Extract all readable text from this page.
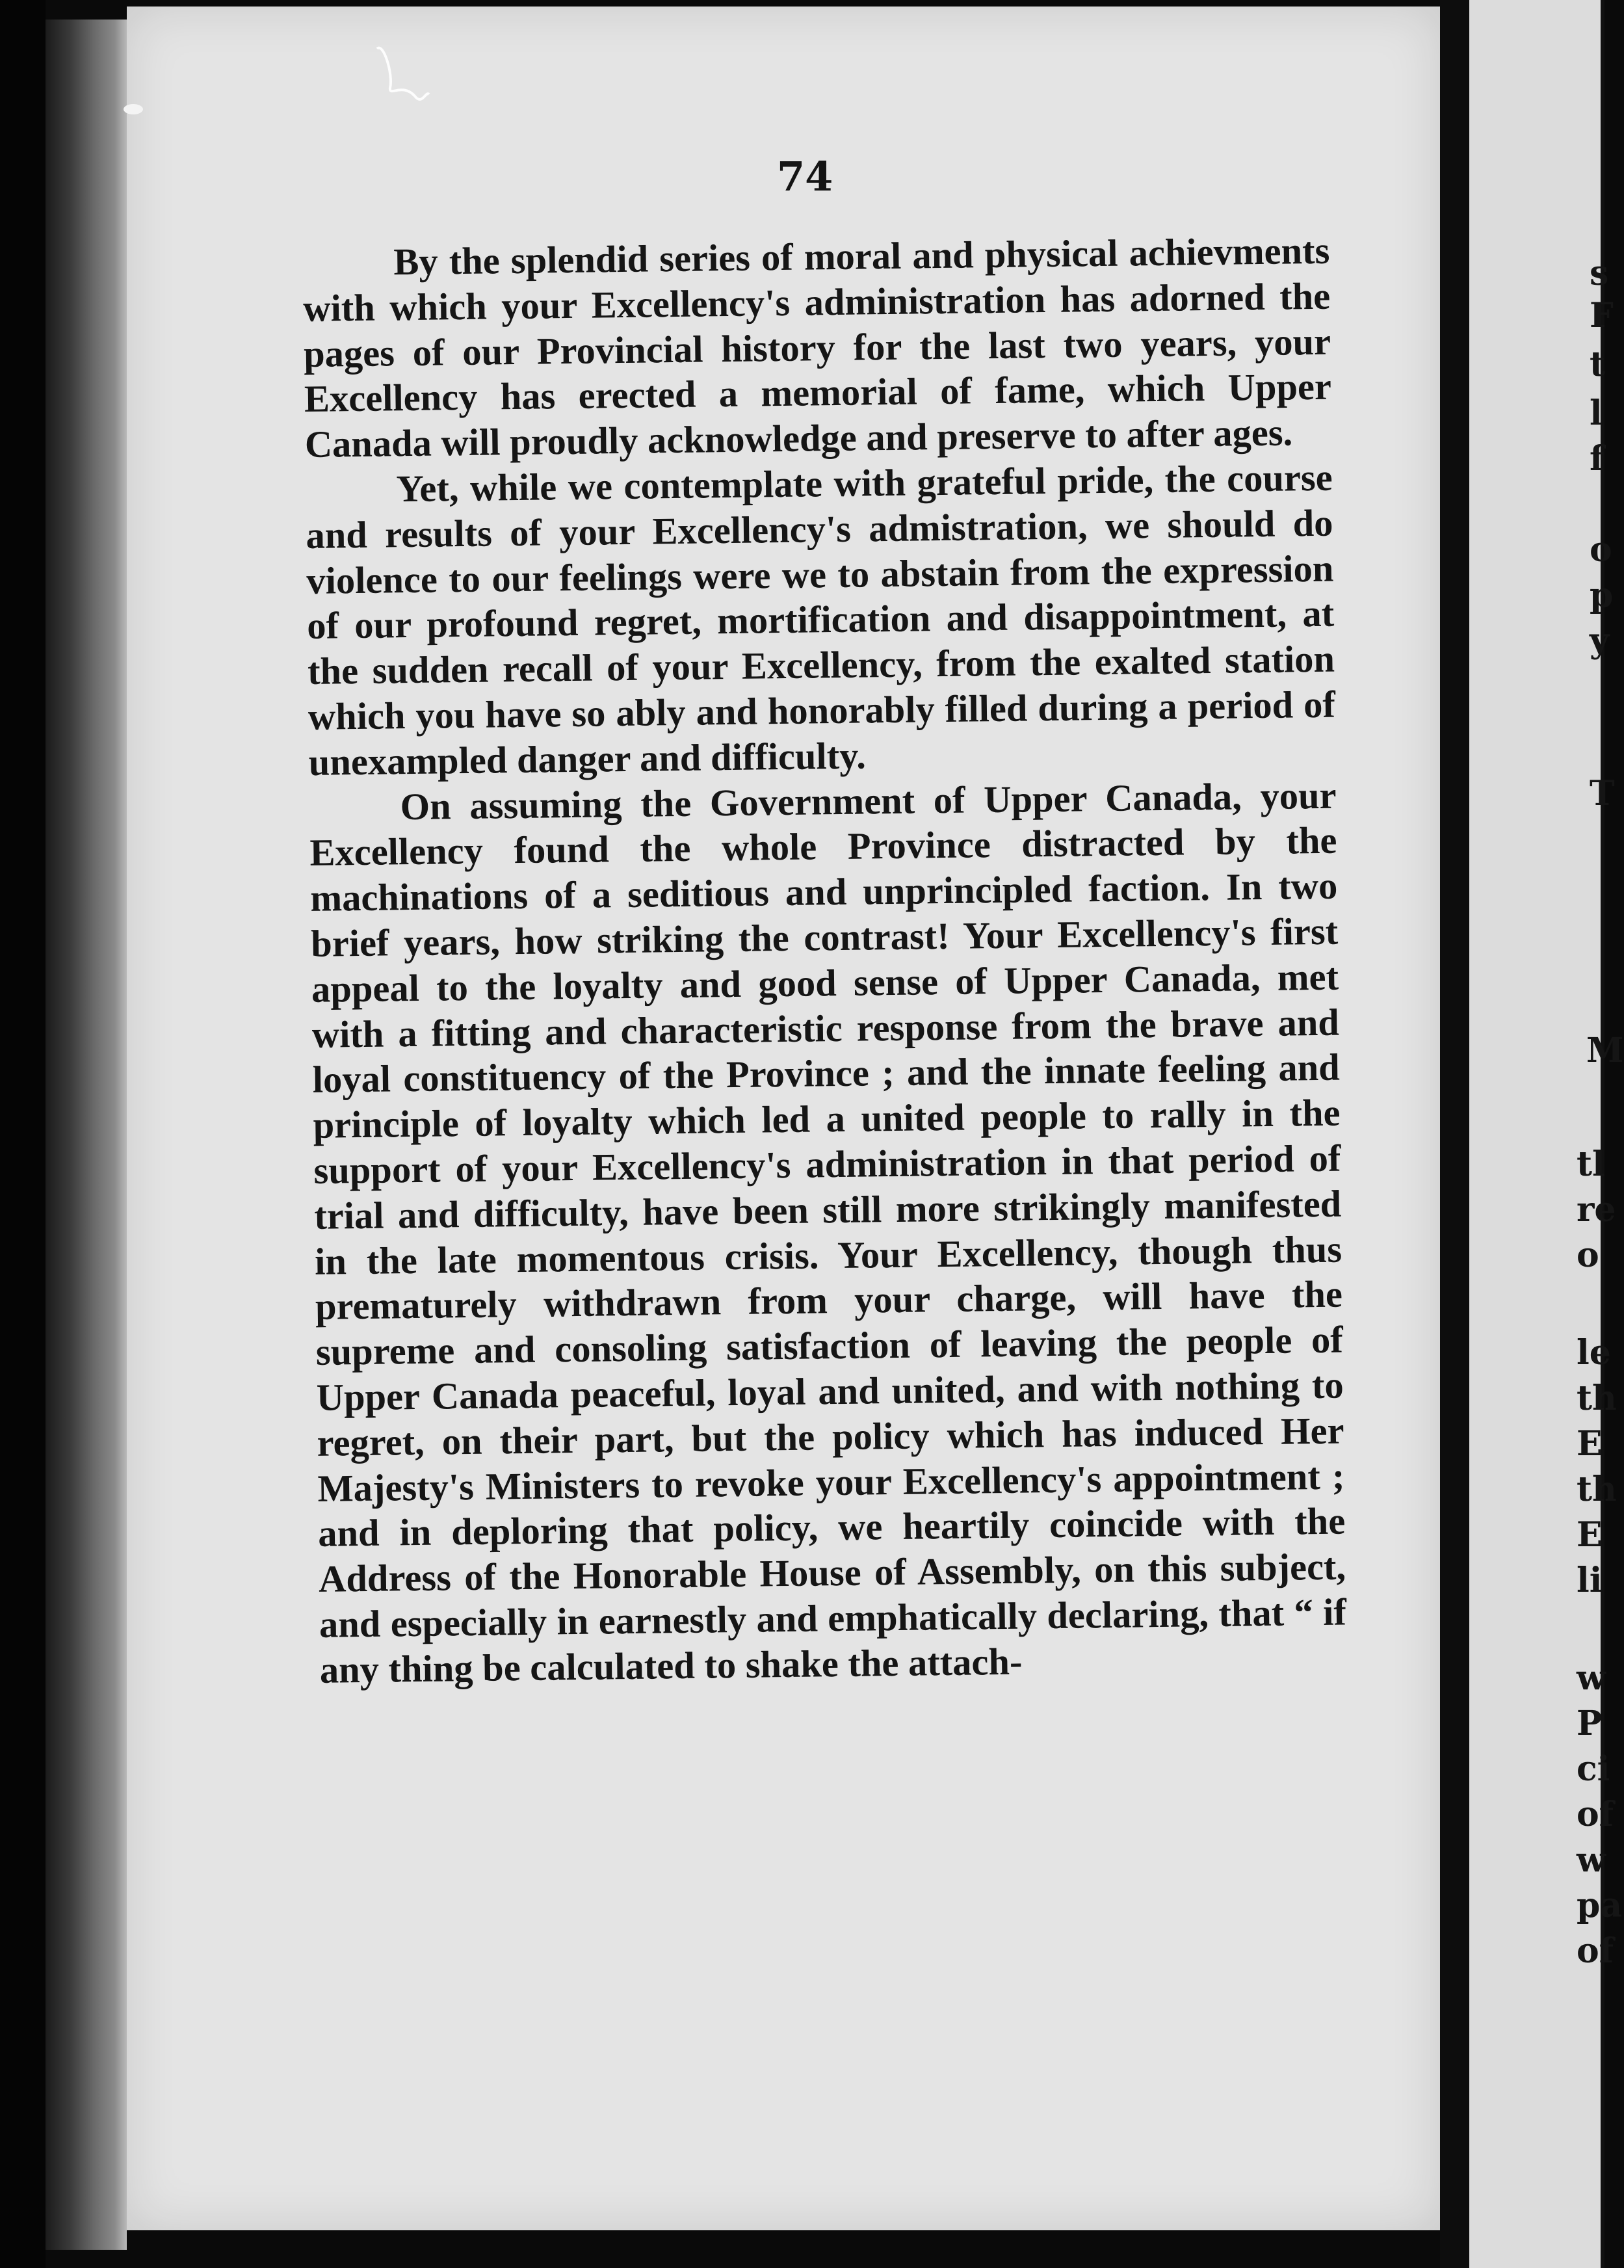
74

By the splendid series of moral and physical achievments with which your Excellency's administration has adorned the pages of our Provincial history for the last two years, your Excellency has erected a memorial of fame, which Upper Canada will proudly acknowledge and preserve to after ages.

Yet, while we contemplate with grateful pride, the course and results of your Excellency's admistration, we should do violence to our feelings were we to abstain from the expression of our profound regret, mortification and disappointment, at the sudden recall of your Excellency, from the exalted station which you have so ably and honorably filled during a period of unexampled danger and difficulty.

On assuming the Government of Upper Canada, your Excellency found the whole Province distracted by the machinations of a seditious and unprincipled faction. In two brief years, how striking the contrast! Your Excellency's first appeal to the loyalty and good sense of Upper Canada, met with a fitting and characteristic response from the brave and loyal constituency of the Province ; and the innate feeling and principle of loyalty which led a united people to rally in the support of your Excellency's administration in that period of trial and difficulty, have been still more strikingly manifested in the late momentous crisis. Your Excellency, though thus prematurely withdrawn from your charge, will have the supreme and consoling satisfaction of leaving the people of Upper Canada peaceful, loyal and united, and with nothing to regret, on their part, but the policy which has induced Her Majesty's Ministers to revoke your Excellency's appointment ; and in deploring that policy, we heartily coincide with the Address of the Honorable House of Assembly, on this subject, and especially in earnestly and emphatically declaring, that “ if any thing be calculated to shake the attach-

s
F
t
l
f
o
p
y
T
M
tl
re
o
le
th
E
th
E
li
w
P
ci
of
w
pa
of
